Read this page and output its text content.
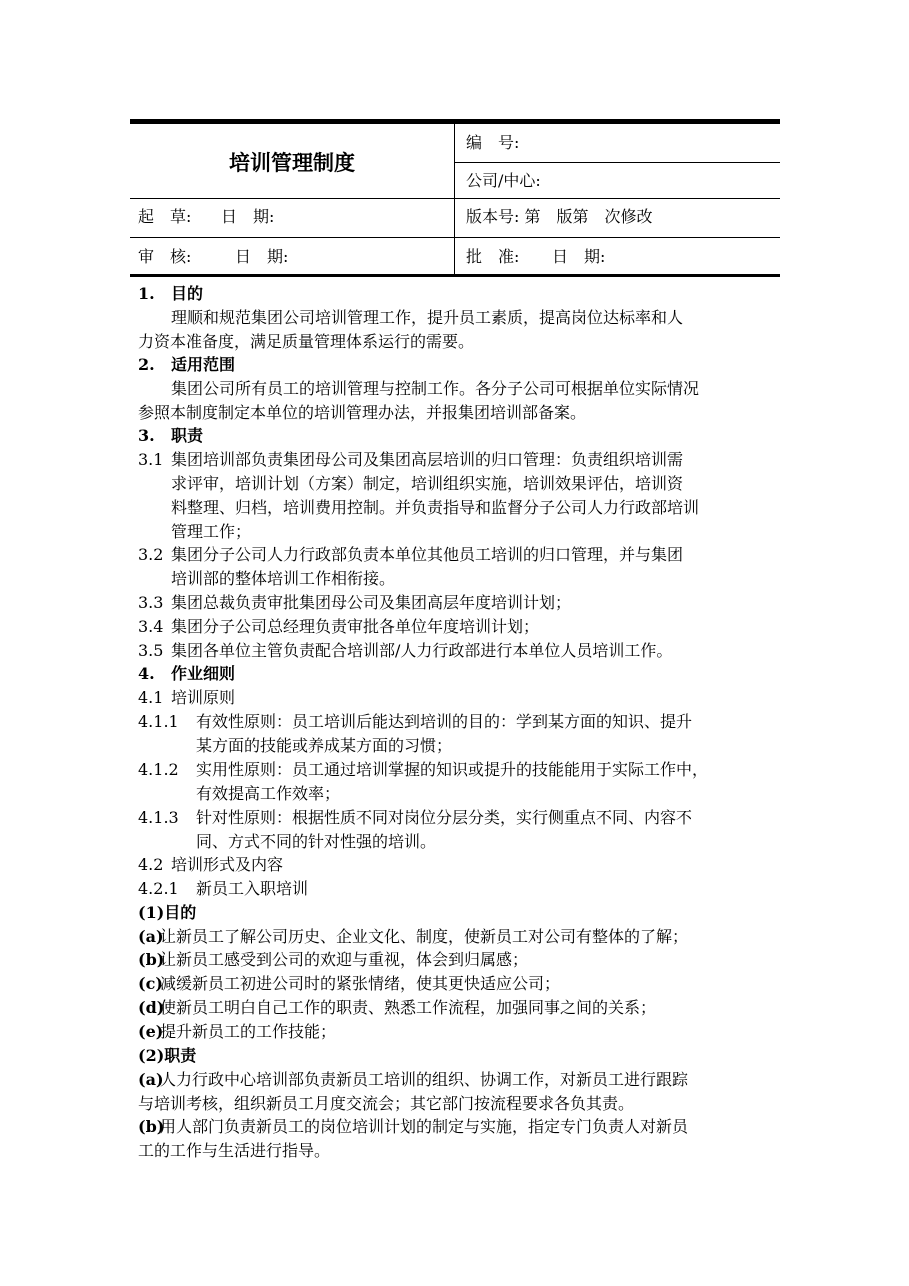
培训管理制度
编　号:
公司/中心:
起　草: 日　期:	版本号: 第　版第　次修改
审　核:	日　期:	批　准: 日　期:
1. 目的
理顺和规范集团公司培训管理工作，提升员工素质，提高岗位达标率和人
力资本准备度，满足质量管理体系运行的需要。
2. 适用范围
集团公司所有员工的培训管理与控制工作。各分子公司可根据单位实际情况
参照本制度制定本单位的培训管理办法，并报集团培训部备案。
3. 职责
3.1 集团培训部负责集团母公司及集团高层培训的归口管理：负责组织培训需
求评审，培训计划（方案）制定，培训组织实施，培训效果评估，培训资
料整理、归档，培训费用控制。并负责指导和监督分子公司人力行政部培训
管理工作；
3.2 集团分子公司人力行政部负责本单位其他员工培训的归口管理，并与集团
培训部的整体培训工作相衔接。
3.3 集团总裁负责审批集团母公司及集团高层年度培训计划；
3.4 集团分子公司总经理负责审批各单位年度培训计划；
3.5 集团各单位主管负责配合培训部/人力行政部进行本单位人员培训工作。
4. 作业细则
4.1 培训原则
4.1.1 有效性原则：员工培训后能达到培训的目的：学到某方面的知识、提升
某方面的技能或养成某方面的习惯；
4.1.2 实用性原则：员工通过培训掌握的知识或提升的技能能用于实际工作中，
有效提高工作效率；
4.1.3 针对性原则：根据性质不同对岗位分层分类，实行侧重点不同、内容不
同、方式不同的针对性强的培训。
4.2 培训形式及内容
4.2.1 新员工入职培训
(1)目的
(a)
让新员工了解公司历史、企业文化、制度，使新员工对公司有整体的了解；
(b)
让新员工感受到公司的欢迎与重视，体会到归属感；
(c)
减缓新员工初进公司时的紧张情绪，使其更快适应公司；
(d)
使新员工明白自己工作的职责、熟悉工作流程，加强同事之间的关系；
(e)
提升新员工的工作技能；
(2)职责
(a)
人力行政中心培训部负责新员工培训的组织、协调工作，对新员工进行跟踪
与培训考核，组织新员工月度交流会；其它部门按流程要求各负其责。
(b)
用人部门负责新员工的岗位培训计划的制定与实施，指定专门负责人对新员
工的工作与生活进行指导。
